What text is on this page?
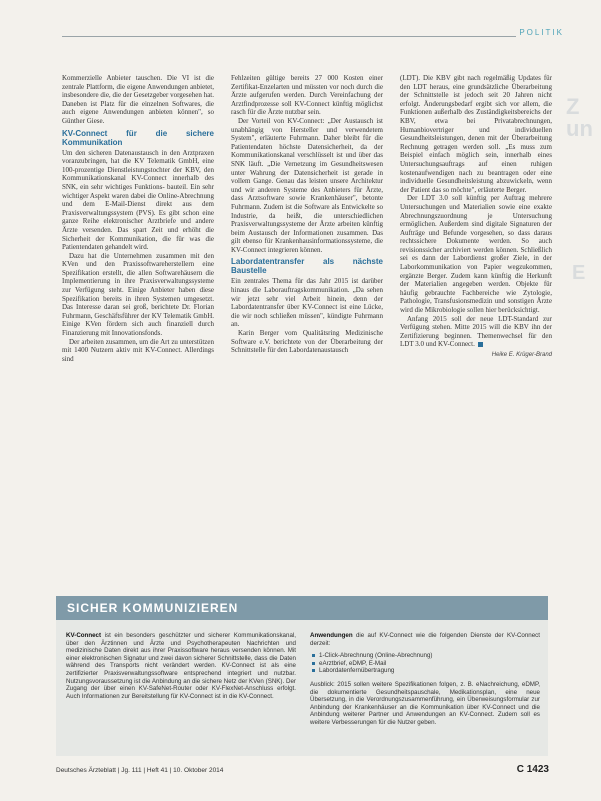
POLITIK
Z
un
E

Kommerzielle Anbieter tauschen. Die VI ist die zentrale Plattform, die eigene Anwendungen anbietet, insbesondere die, die der Gesetzgeber vorgesehen hat. Daneben ist Platz für die einzelnen Softwares, die auch eigene Anwendungen anbieten können", so Günther Giese.

KV-Connect für die sichere Kommunikation

Um den sicheren Datenaustausch in den Arztpraxen voranzubringen, hat die KV Telematik GmbH, eine 100-prozentige Dienstleistungstochter der KBV, den Kommunikationskanal KV-Connect innerhalb des SNK, ein sehr wichtiges Funktions- bauteil. Ein sehr wichtiger Aspekt waren dabei die Online-Abrechnung und dem E-Mail-Dienst direkt aus dem Praxisverwaltungssystem (PVS). Es gibt schon eine ganze Reihe elektronischer Arztbriefe und andere Ärzte versenden. Das spart Zeit und erhöht die Sicherheit der Kommunikation, die für was die Patientendaten gehandelt wird.

Dazu hat die Unternehmen zusammen mit den KVen und den Praxissoftwareherstellern eine Spezifikation erstellt, die allen Softwarehäusern die Implementierung in ihre Praxisverwaltungssysteme zur Verfügung steht. Einige Anbieter haben diese Spezifikation bereits in ihren Systemen umgesetzt. Das Interesse daran sei groß, berichtete Dr. Florian Fuhrmann, Geschäftsführer der KV Telematik GmbH. Einige KVen fördern sich auch finanziell durch Finanzierung mit Innovationsfonds.

Der arbeiten zusammen, um die Art zu unterstützen mit 1400 Nutzern aktiv mit KV-Connect. Allerdings sind

Fehlzeiten gültige bereits 27 000 Kosten einer Zertifikat-Enzelarten und müssten vor noch durch die Ärzte aufgerufen werden. Durch Vereinfachung der Arztfindprozesse soll KV-Connect künftig möglichst rasch für die Ärzte nutzbar sein.

Der Vorteil von KV-Connect: „Der Austausch ist unabhängig von Hersteller und verwendetem System", erläuterte Fuhrmann. Daher bleibt für die Patientendaten höchste Datensicherheit, da der Kommunikationskanal verschlüsselt ist und über das SNK läuft. „Die Vernetzung im Gesundheitswesen unter Wahrung der Datensicherheit ist gerade in vollem Gange. Genau das leisten unsere Architektur und wir anderen Systeme des Anbieters für Ärzte, dass Arztsoftware sowie Krankenhäuser", betonte Fuhrmann. Zudem ist die Software als Entwickelte so Industrie, da heißt, die unterschiedlichen Praxisverwaltungssysteme der Ärzte arbeiten künftig beim Austausch der Informationen zusammen. Das gilt ebenso für Krankenhausinformationssysteme, die KV-Connect integrieren können.

Labordatentransfer als nächste Baustelle

Ein zentrales Thema für das Jahr 2015 ist darüber hinaus die Laborauftragskommunikation. „Da sehen wir jetzt sehr viel Arbeit hinein, denn der Labordatentransfer über KV-Connect ist eine Lücke, die wir noch schließen müssen", kündigte Fuhrmann an.

Karin Berger vom Qualitätsring Medizinische Software e.V. berichtete von der Überarbeitung der Schnittstelle für den Labordatenaustausch

(LDT). Die KBV gibt nach regelmäßig Updates für den LDT heraus, eine grundsätzliche Überarbeitung der Schnittstelle ist jedoch seit 20 Jahren nicht erfolgt. Änderungsbedarf ergibt sich vor allem, die Funktionen außerhalb des Zuständigkeitsbereichs der KBV, etwa bei Privatabrechnungen, Humanbiovertriger und individuellen Gesundheitsleistungen, denen mit der Überarbeitung Rechnung getragen werden soll. „Es muss zum Beispiel einfach möglich sein, innerhalb eines Untersuchungsauftrags auf einen ruhigen kostenaufwendigen nach zu beantragen oder eine individuelle Gesundheitsleistung abzuwickeln, wenn der Patient das so möchte", erläuterte Berger.

Der LDT 3.0 soll künftig per Auftrag mehrere Untersuchungen und Materialien sowie eine exakte Abrechnungszuordnung je Untersuchung ermöglichen. Außerdem sind digitale Signaturen der Aufträge und Befunde vorgesehen, so dass daraus rechtssichere Dokumente werden. So auch revisionssicher archiviert werden können. Schließlich sei es dann der Labordienst großer Ziele, in der Laborkommunikation von Papier wegzukommen, ergänzte Berger. Zudem kann künftig die Herkunft der Materialien angegeben werden. Objekte für häufig gebrauchte Fachbereiche wie Zytologie, Pathologie, Transfusionsmedizin und sonstigen Ärzte wird die Mikrobiologie sollen hier berücksichtigt.

Anfang 2015 soll der neue LDT-Standard zur Verfügung stehen. Mitte 2015 will die KBV ihn der Zertifizierung beginnen. Themenwechsel für den LDT 3.0 und KV-Connect.

Heike E. Krüger-Brand
SICHER KOMMUNIZIEREN

KV-Connect ist ein besonders geschützter und sicherer Kommunikationskanal, über den Ärztinnen und Ärzte und Psychotherapeuten Nachrichten und medizinische Daten direkt aus ihrer Praxissoftware heraus versenden können. Mit einer elektronischen Signatur und zwei davon sicherer Schnittstelle, dass die Daten während des Transports nicht verändert werden. KV-Connect ist als eine zertifizierter Praxisverwaltungssoftware entsprechend integriert und nutzbar. Nutzungsvoraussetzung ist die Anbindung an die sichere Netz der KVen (SNK). Der Zugang der über einen KV-SafeNet-Router oder KV-FlexNet-Anschluss erfolgt. Auch Informationen zur Bereitstellung für KV-Connect ist in die KV-Connect.

Anwendungen die auf KV-Connect wie die folgenden Dienste der KV-Connect derzeit:

1-Click-Abrechnung (Online-Abrechnung)
eArztbrief, eDMP, E-Mail
Labordatenfernübertragung

Ausblick: 2015 sollen weitere Spezifikationen folgen, z. B. eNachreichung, eDMP, die dokumentierte Gesundheitspauschale, Medikationsplan, eine neue Übersetzung, in die Verordnungszusammenführung, ein Überweisungsformular zur Anbindung der Krankenhäuser an die Kommunikation über KV-Connect und die Anbindung weiterer Partner und Anwendungen an KV-Connect. Zudem soll es weitere Verbesserungen für die Nutzer geben.

Deutsches Ärzteblatt | Jg. 111 | Heft 41 | 10. Oktober 2014	C 1423
